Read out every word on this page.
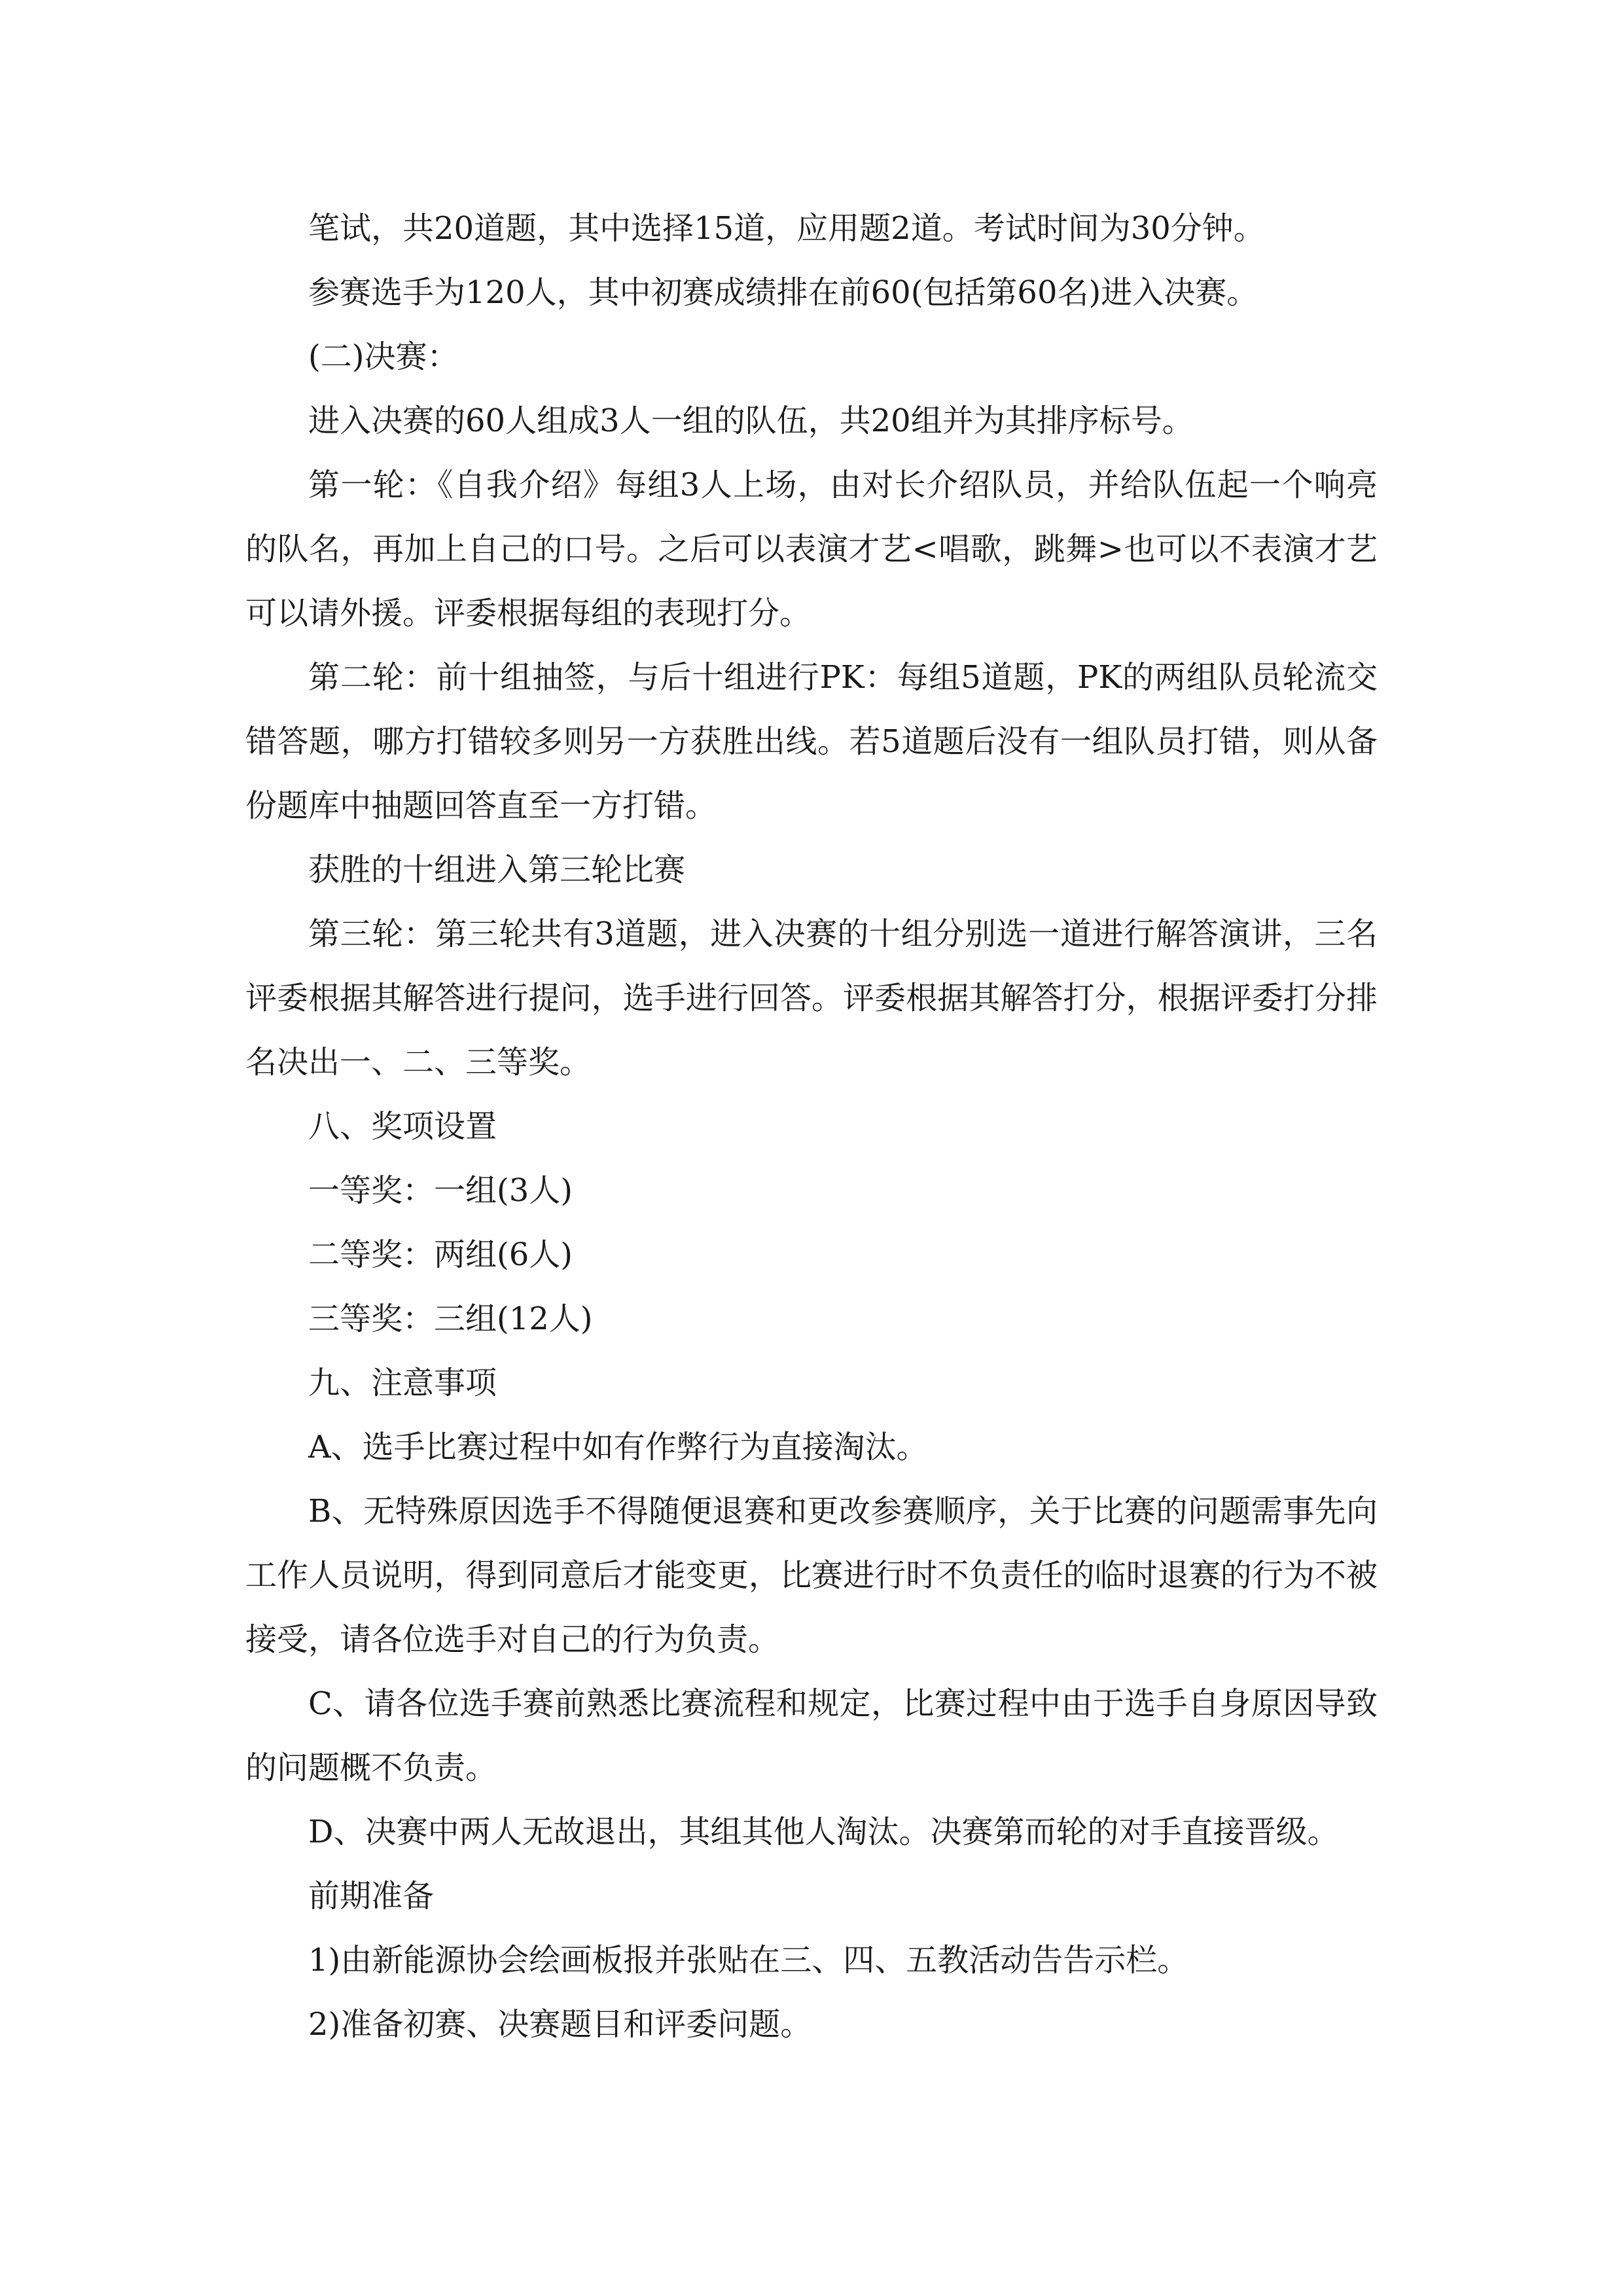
笔试，共20道题，其中选择15道，应用题2道。考试时间为30分钟。

参赛选手为120人，其中初赛成绩排在前60(包括第60名)进入决赛。

(二)决赛：

进入决赛的60人组成3人一组的队伍，共20组并为其排序标号。

第一轮：《自我介绍》每组3人上场，由对长介绍队员，并给队伍起一个响亮的队名，再加上自己的口号。之后可以表演才艺<唱歌，跳舞>也可以不表演才艺可以请外援。评委根据每组的表现打分。

第二轮：前十组抽签，与后十组进行PK：每组5道题，PK的两组队员轮流交错答题，哪方打错较多则另一方获胜出线。若5道题后没有一组队员打错，则从备份题库中抽题回答直至一方打错。

获胜的十组进入第三轮比赛

第三轮：第三轮共有3道题，进入决赛的十组分别选一道进行解答演讲，三名评委根据其解答进行提问，选手进行回答。评委根据其解答打分，根据评委打分排名决出一、二、三等奖。

八、奖项设置

一等奖：一组(3人)

二等奖：两组(6人)

三等奖：三组(12人)

九、注意事项

A、选手比赛过程中如有作弊行为直接淘汰。

B、无特殊原因选手不得随便退赛和更改参赛顺序，关于比赛的问题需事先向工作人员说明，得到同意后才能变更，比赛进行时不负责任的临时退赛的行为不被接受，请各位选手对自己的行为负责。

C、请各位选手赛前熟悉比赛流程和规定，比赛过程中由于选手自身原因导致的问题概不负责。

D、决赛中两人无故退出，其组其他人淘汰。决赛第而轮的对手直接晋级。

前期准备

1)由新能源协会绘画板报并张贴在三、四、五教活动告告示栏。

2)准备初赛、决赛题目和评委问题。
